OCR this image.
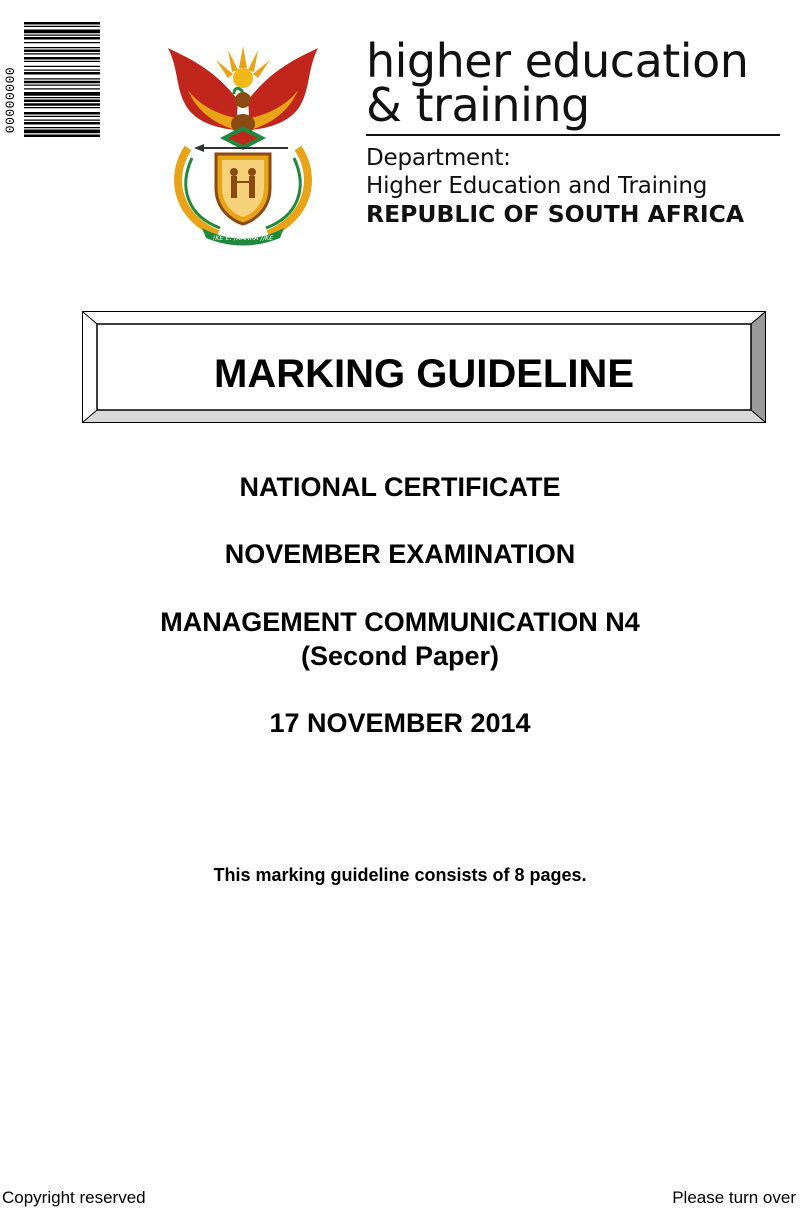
00000000
!KE E: /XARRA //KE
higher education
& training
Department:
Higher Education and Training
REPUBLIC OF SOUTH AFRICA
MARKING GUIDELINE
NATIONAL CERTIFICATE
NOVEMBER EXAMINATION
MANAGEMENT COMMUNICATION N4
(Second Paper)
17 NOVEMBER 2014
This marking guideline consists of 8 pages.
Copyright reserved	Please turn over
